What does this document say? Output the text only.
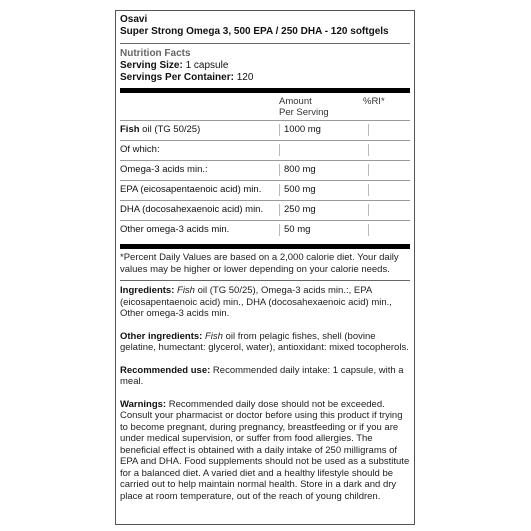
Osavi
Super Strong Omega 3, 500 EPA / 250 DHA - 120 softgels
Nutrition Facts
Serving Size: 1 capsule
Servings Per Container: 120
Amount
Per Serving
%RI*
Fish oil (TG 50/25)	1000 mg
Of which:
Omega-3 acids min.:	800 mg
EPA (eicosapentaenoic acid) min.	500 mg
DHA (docosahexaenoic acid) min.	250 mg
Other omega-3 acids min.	50 mg
*Percent Daily Values are based on a 2,000 calorie diet. Your daily values may be higher or lower depending on your calorie needs.

Ingredients: Fish oil (TG 50/25), Omega-3 acids min.:, EPA (eicosapentaenoic acid) min., DHA (docosahexaenoic acid) min., Other omega-3 acids min.

Other ingredients: Fish oil from pelagic fishes, shell (bovine gelatine, humectant: glycerol, water), antioxidant: mixed tocopherols.

Recommended use: Recommended daily intake: 1 capsule, with a meal.

Warnings: Recommended daily dose should not be exceeded. Consult your pharmacist or doctor before using this product if trying to become pregnant, during pregnancy, breastfeeding or if you are under medical supervision, or suffer from food allergies. The beneficial effect is obtained with a daily intake of 250 milligrams of EPA and DHA. Food supplements should not be used as a substitute for a balanced diet. A varied diet and a healthy lifestyle should be carried out to help maintain normal health. Store in a dark and dry place at room temperature, out of the reach of young children.
